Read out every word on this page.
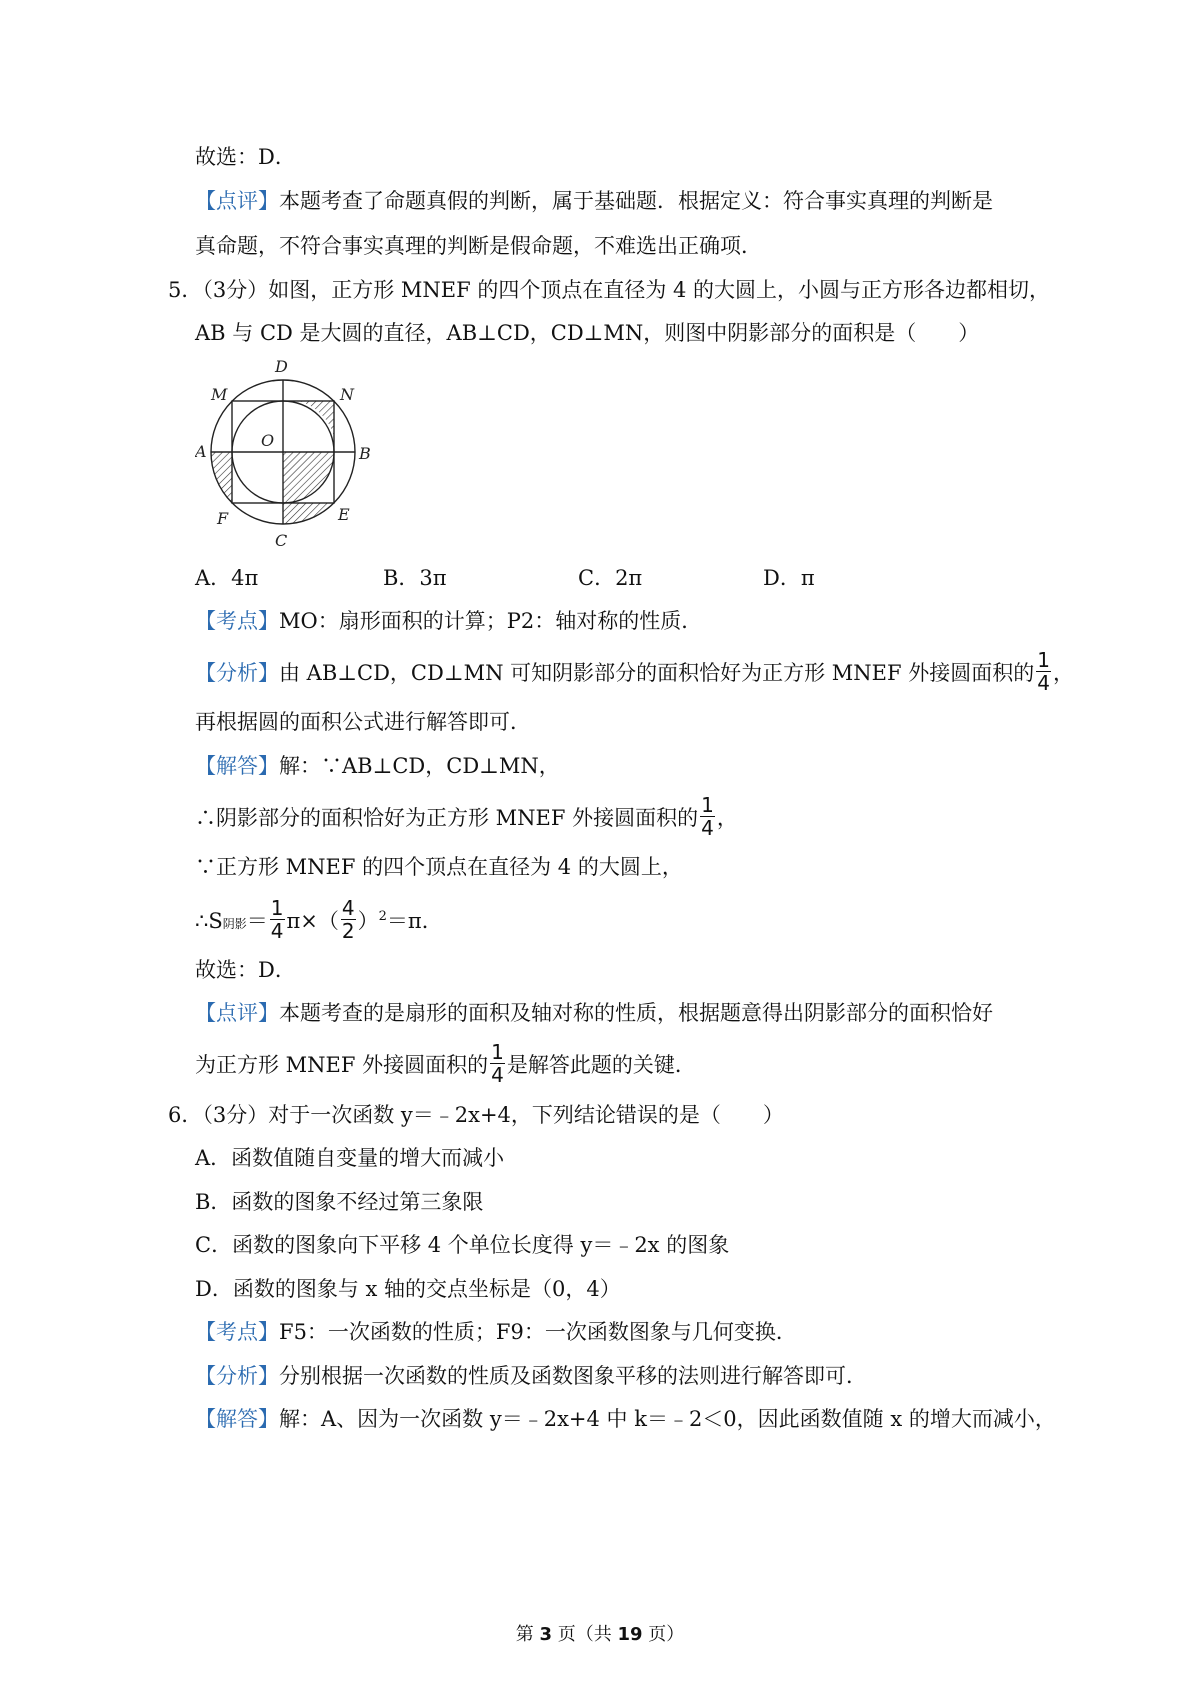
故选：D．
【点评】本题考查了命题真假的判断，属于基础题．根据定义：符合事实真理的判断是
真命题，不符合事实真理的判断是假命题，不难选出正确项．
5．（3分）如图，正方形 MNEF 的四个顶点在直径为 4 的大圆上，小圆与正方形各边都相切，
AB 与 CD 是大圆的直径，AB⊥CD，CD⊥MN，则图中阴影部分的面积是（　　）
D
M	N
A
O
B
F	E
C
A．4π	B．3π	C．2π	D．π
【考点】MO：扇形面积的计算；P2：轴对称的性质．
【分析】由 AB⊥CD，CD⊥MN 可知阴影部分的面积恰好为正方形 MNEF 外接圆面积的 $\frac{1}{4}$ ，
再根据圆的面积公式进行解答即可．
【解答】解：∵AB⊥CD，CD⊥MN，
∴阴影部分的面积恰好为正方形 MNEF 外接圆面积的 $\frac{1}{4}$ ，
∵正方形 MNEF 的四个顶点在直径为 4 的大圆上，
∴S阴影＝ $\frac{1}{4} \pi\times( \frac{4}{2} )^2=\pi$．
故选：D．
【点评】本题考查的是扇形的面积及轴对称的性质，根据题意得出阴影部分的面积恰好
为正方形 MNEF 外接圆面积的 $\frac{1}{4}$ 是解答此题的关键．
6．（3分）对于一次函数 y＝﹣2x+4，下列结论错误的是（　　）
A．函数值随自变量的增大而减小
B．函数的图象不经过第三象限
C．函数的图象向下平移 4 个单位长度得 y＝﹣2x 的图象
D．函数的图象与 x 轴的交点坐标是（0，4）
【考点】F5：一次函数的性质；F9：一次函数图象与几何变换．
【分析】分别根据一次函数的性质及函数图象平移的法则进行解答即可．
【解答】解：A、因为一次函数 y＝﹣2x+4 中 k＝﹣2＜0，因此函数值随 x 的增大而减小，
第 3 页（共 19 页）
